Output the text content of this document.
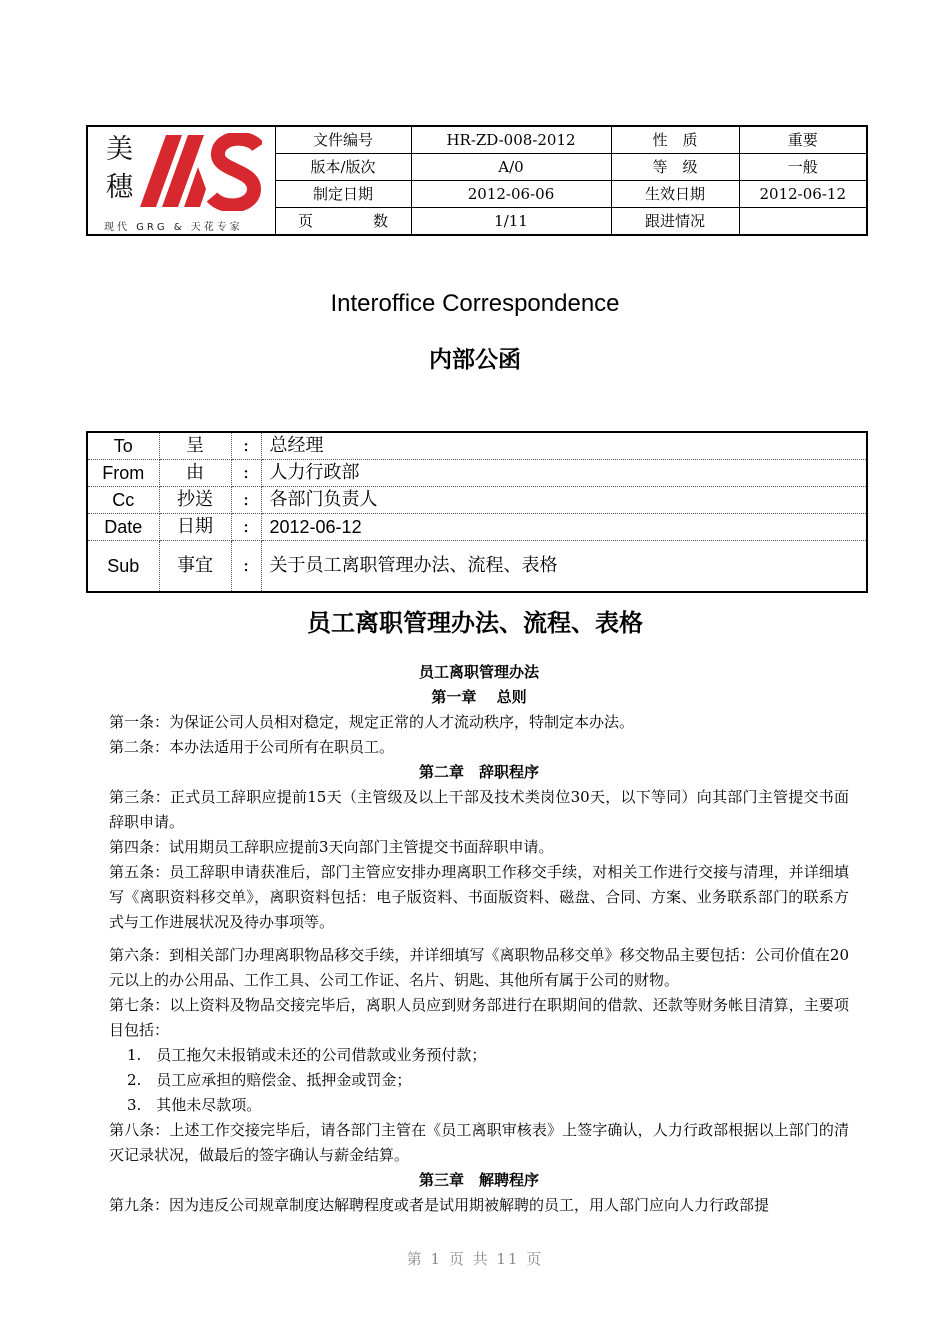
美
穗
现代 GRG & 天花专家	文件编号	HR-ZD-008-2012	性　质	重要
	版本/版次	A/0	等　级	一般
	制定日期	2012-06-06	生效日期	2012-06-12
	页　　　　数	1/11	跟进情况	
Interoffice Correspondence
内部公函
To	呈	:	总经理
From	由	:	人力行政部
Cc	抄送	:	各部门负责人
Date	日期	:	2012-06-12
Sub	事宜	:	关于员工离职管理办法、流程、表格
员工离职管理办法、流程、表格

员工离职管理办法

第一章　 总则

第一条：为保证公司人员相对稳定，规定正常的人才流动秩序，特制定本办法。

第二条：本办法适用于公司所有在职员工。

第二章　辞职程序

第三条：正式员工辞职应提前15天（主管级及以上干部及技术类岗位30天，以下等同）向其部门主管提交书面辞职申请。

第四条：试用期员工辞职应提前3天向部门主管提交书面辞职申请。

第五条：员工辞职申请获准后，部门主管应安排办理离职工作移交手续，对相关工作进行交接与清理，并详细填写《离职资料移交单》，离职资料包括：电子版资料、书面版资料、磁盘、合同、方案、业务联系部门的联系方式与工作进展状况及待办事项等。

第六条：到相关部门办理离职物品移交手续，并详细填写《离职物品移交单》移交物品主要包括：公司价值在20元以上的办公用品、工作工具、公司工作证、名片、钥匙、其他所有属于公司的财物。

第七条：以上资料及物品交接完毕后，离职人员应到财务部进行在职期间的借款、还款等财务帐目清算，主要项目包括：

1.　员工拖欠未报销或未还的公司借款或业务预付款；

2.　员工应承担的赔偿金、抵押金或罚金；

3.　其他未尽款项。

第八条：上述工作交接完毕后，请各部门主管在《员工离职审核表》上签字确认，人力行政部根据以上部门的清灭记录状况，做最后的签字确认与薪金结算。

第三章　解聘程序

第九条：因为违反公司规章制度达解聘程度或者是试用期被解聘的员工，用人部门应向人力行政部提

第 1 页 共 11 页
